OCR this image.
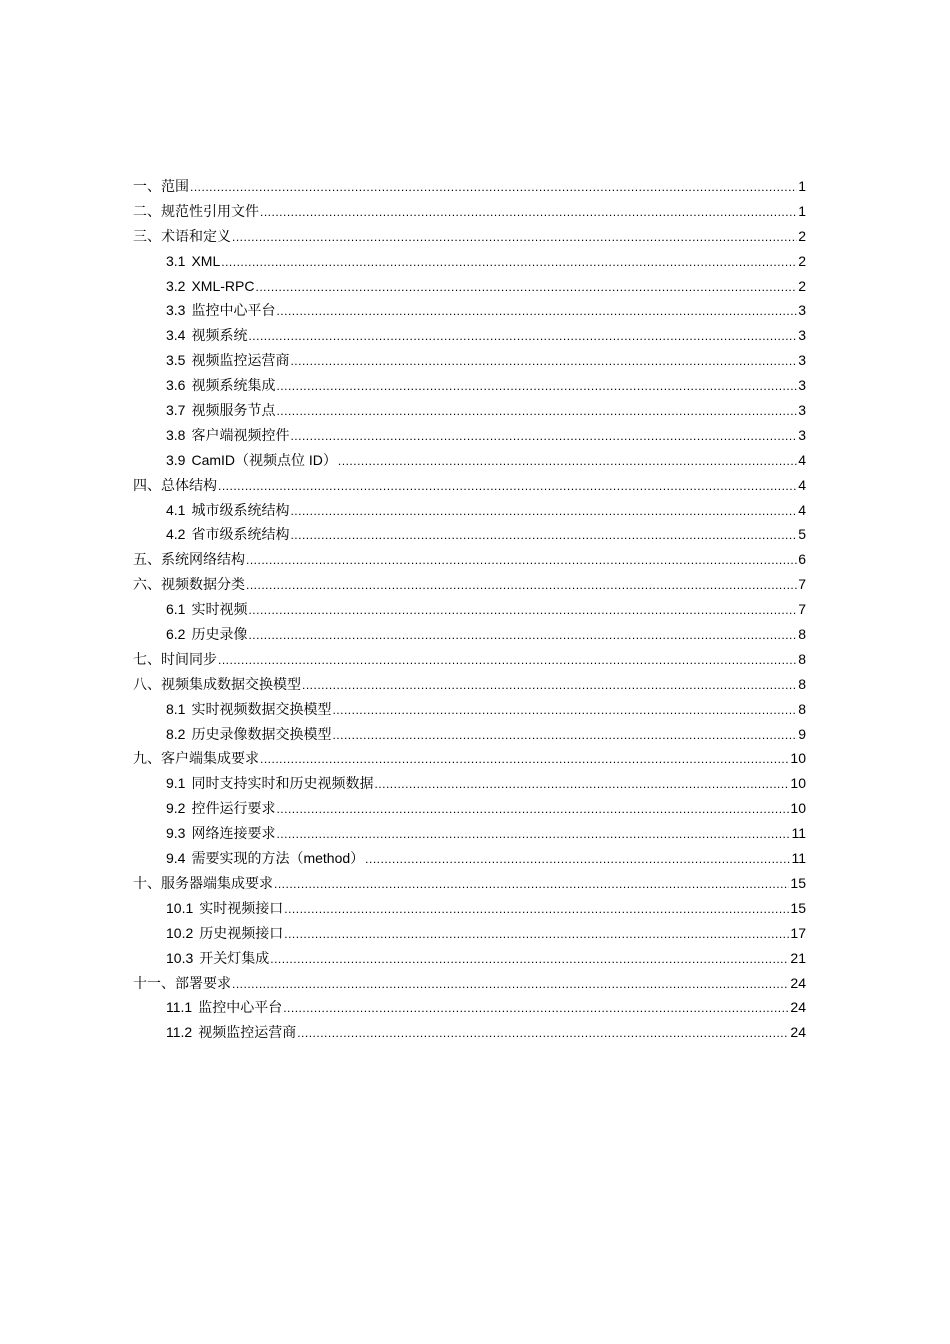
一、范围 .....	1
二、规范性引用文件 .....	1
三、术语和定义 .....	2
3.1 XML .....	2
3.2 XML-RPC .....	2
3.3 监控中心平台 .....	3
3.4 视频系统 .....	3
3.5 视频监控运营商 .....	3
3.6 视频系统集成 .....	3
3.7 视频服务节点 .....	3
3.8 客户端视频控件 .....	3
3.9 CamID（视频点位 ID） .....	4
四、总体结构 .....	4
4.1 城市级系统结构 .....	4
4.2 省市级系统结构 .....	5
五、系统网络结构 .....	6
六、视频数据分类 .....	7
6.1 实时视频 .....	7
6.2 历史录像 .....	8
七、时间同步 .....	8
八、视频集成数据交换模型 .....	8
8.1 实时视频数据交换模型 .....	8
8.2 历史录像数据交换模型 .....	9
九、客户端集成要求 .....	10
9.1 同时支持实时和历史视频数据 .....	10
9.2 控件运行要求 .....	10
9.3 网络连接要求 .....	11
9.4 需要实现的方法（method） .....	11
十、服务器端集成要求 .....	15
10.1 实时视频接口 .....	15
10.2 历史视频接口 .....	17
10.3 开关灯集成 .....	21
十一、部署要求 .....	24
11.1 监控中心平台 .....	24
11.2 视频监控运营商 .....	24
